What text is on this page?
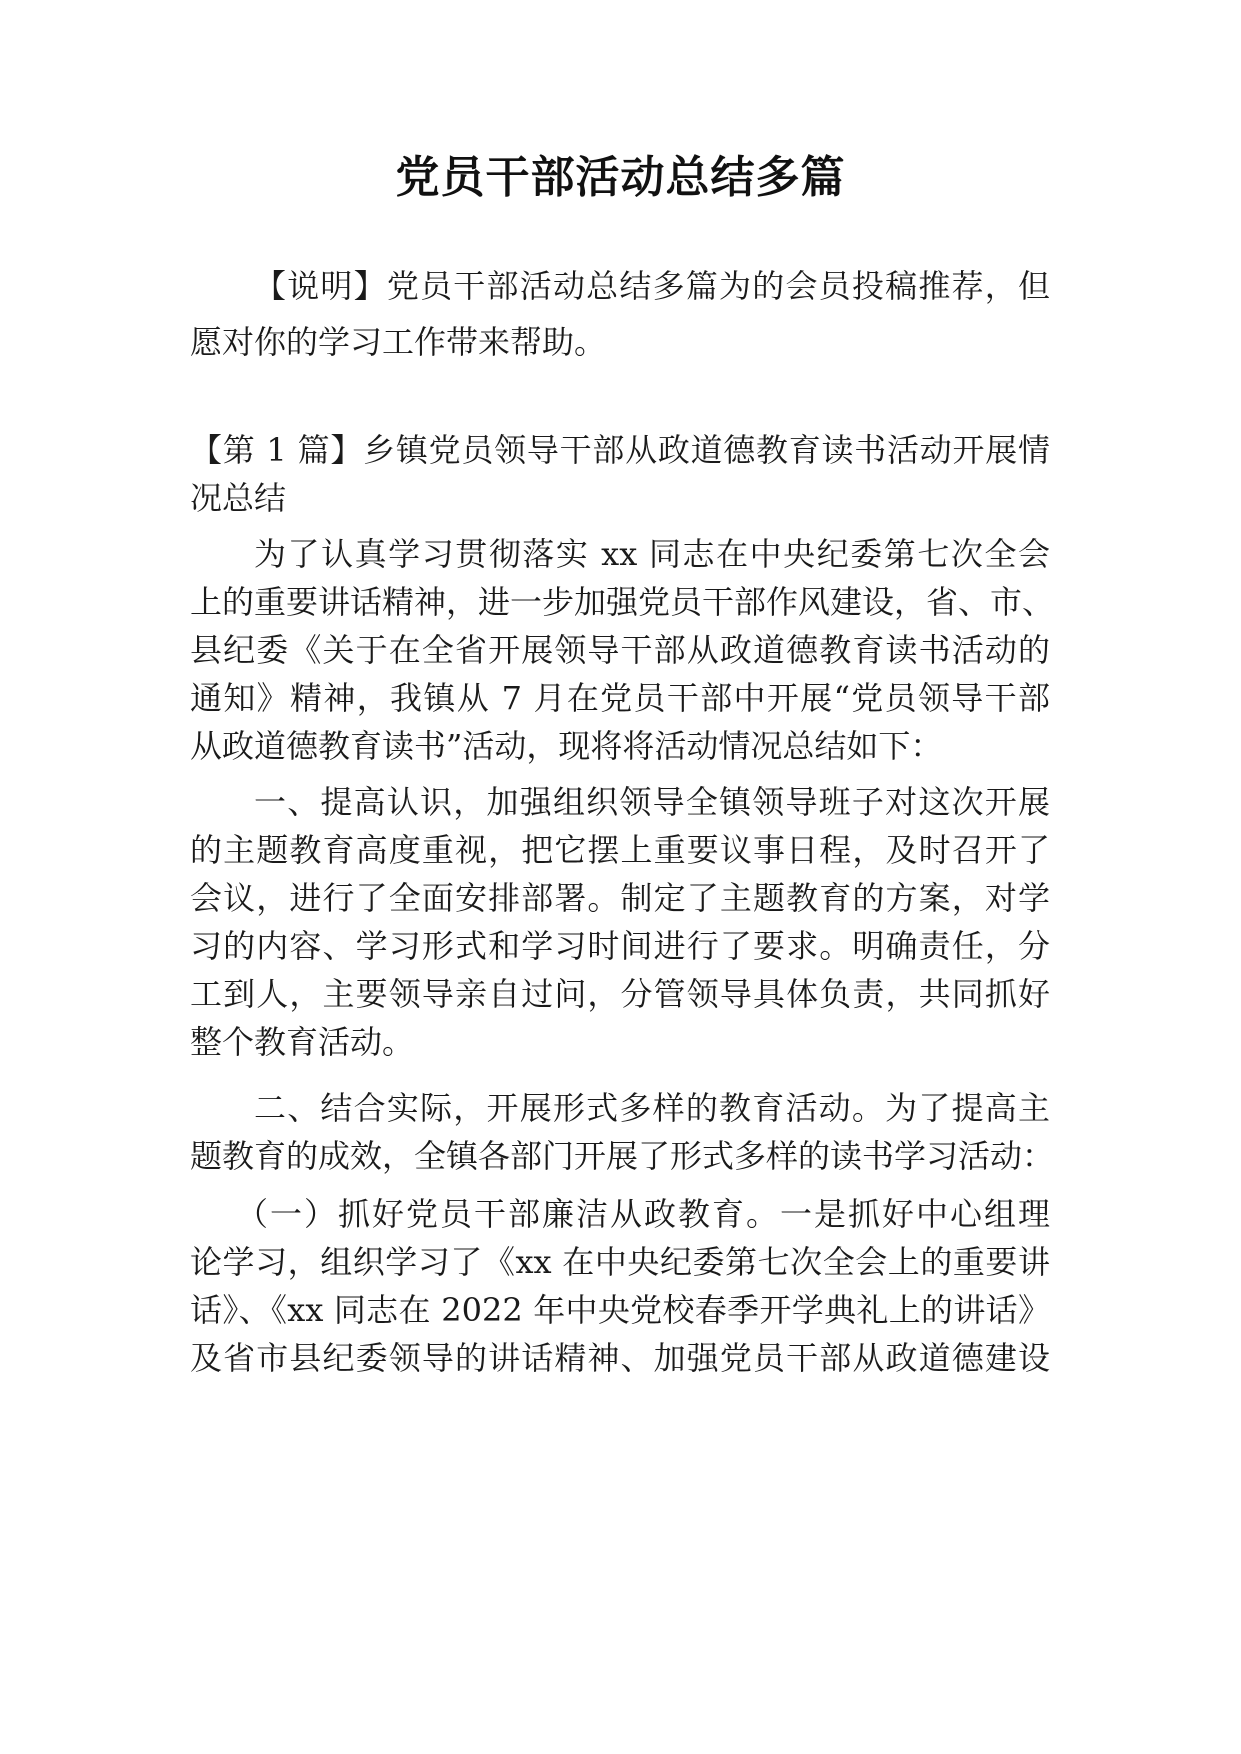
党员干部活动总结多篇
【说明】党员干部活动总结多篇为的会员投稿推荐，但
愿对你的学习工作带来帮助。
【第 1 篇】乡镇党员领导干部从政道德教育读书活动开展情
况总结
为了认真学习贯彻落实 xx 同志在中央纪委第七次全会
上的重要讲话精神，进一步加强党员干部作风建设，省、市、
县纪委《关于在全省开展领导干部从政道德教育读书活动的
通知》精神，我镇从 7 月在党员干部中开展“党员领导干部
从政道德教育读书”活动，现将将活动情况总结如下：
一、提高认识，加强组织领导全镇领导班子对这次开展
的主题教育高度重视，把它摆上重要议事日程，及时召开了
会议，进行了全面安排部署。制定了主题教育的方案，对学
习的内容、学习形式和学习时间进行了要求。明确责任，分
工到人，主要领导亲自过问，分管领导具体负责，共同抓好
整个教育活动。
二、结合实际，开展形式多样的教育活动。为了提高主
题教育的成效，全镇各部门开展了形式多样的读书学习活动：
（一）抓好党员干部廉洁从政教育。一是抓好中心组理
论学习，组织学习了《xx 在中央纪委第七次全会上的重要讲
话》、《xx 同志在 2022 年中央党校春季开学典礼上的讲话》
及省市县纪委领导的讲话精神、加强党员干部从政道德建设
